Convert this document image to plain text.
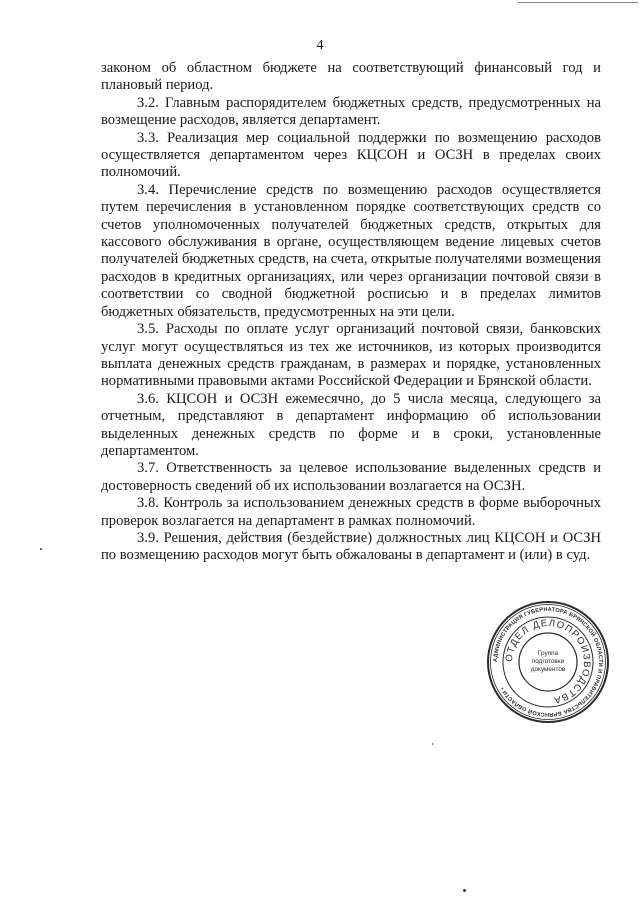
4

законом об областном бюджете на соответствующий финансовый год и плановый период.

3.2. Главным распорядителем бюджетных средств, предусмотренных на возмещение расходов, является департамент.

3.3. Реализация мер социальной поддержки по возмещению расходов осуществляется департаментом через КЦСОН и ОСЗН в пределах своих полномочий.

3.4. Перечисление средств по возмещению расходов осуществляется путем перечисления в установленном порядке соответствующих средств со счетов уполномоченных получателей бюджетных средств, открытых для кассового обслуживания в органе, осуществляющем ведение лицевых счетов получателей бюджетных средств, на счета, открытые получателями возмещения расходов в кредитных организациях, или через организации почтовой связи в соответствии со сводной бюджетной росписью и в пределах лимитов бюджетных обязательств, предусмотренных на эти цели.

3.5. Расходы по оплате услуг организаций почтовой связи, банковских услуг могут осуществляться из тех же источников, из которых производится выплата денежных средств гражданам, в размерах и порядке, установленных нормативными правовыми актами Российской Федерации и Брянской области.

3.6. КЦСОН и ОСЗН ежемесячно, до 5 числа месяца, следующего за отчетным, представляют в департамент информацию об использовании выделенных денежных средств по форме и в сроки, установленные департаментом.

3.7. Ответственность за целевое использование выделенных средств и достоверность сведений об их использовании возлагается на ОСЗН.

3.8. Контроль за использованием денежных средств в форме выборочных проверок возлагается на департамент в рамках полномочий.

3.9. Решения, действия (бездействие) должностных лиц КЦСОН и ОСЗН по возмещению расходов могут быть обжалованы в департамент и (или) в суд.

АДМИНИСТРАЦИЯ ГУБЕРНАТОРА БРЯНСКОЙ ОБЛАСТИ И ПРАВИТЕЛЬСТВА БРЯНСКОЙ ОБЛАСТИ •
ОТДЕЛ ДЕЛОПРОИЗВОДСТВА
Группа подготовки документов
